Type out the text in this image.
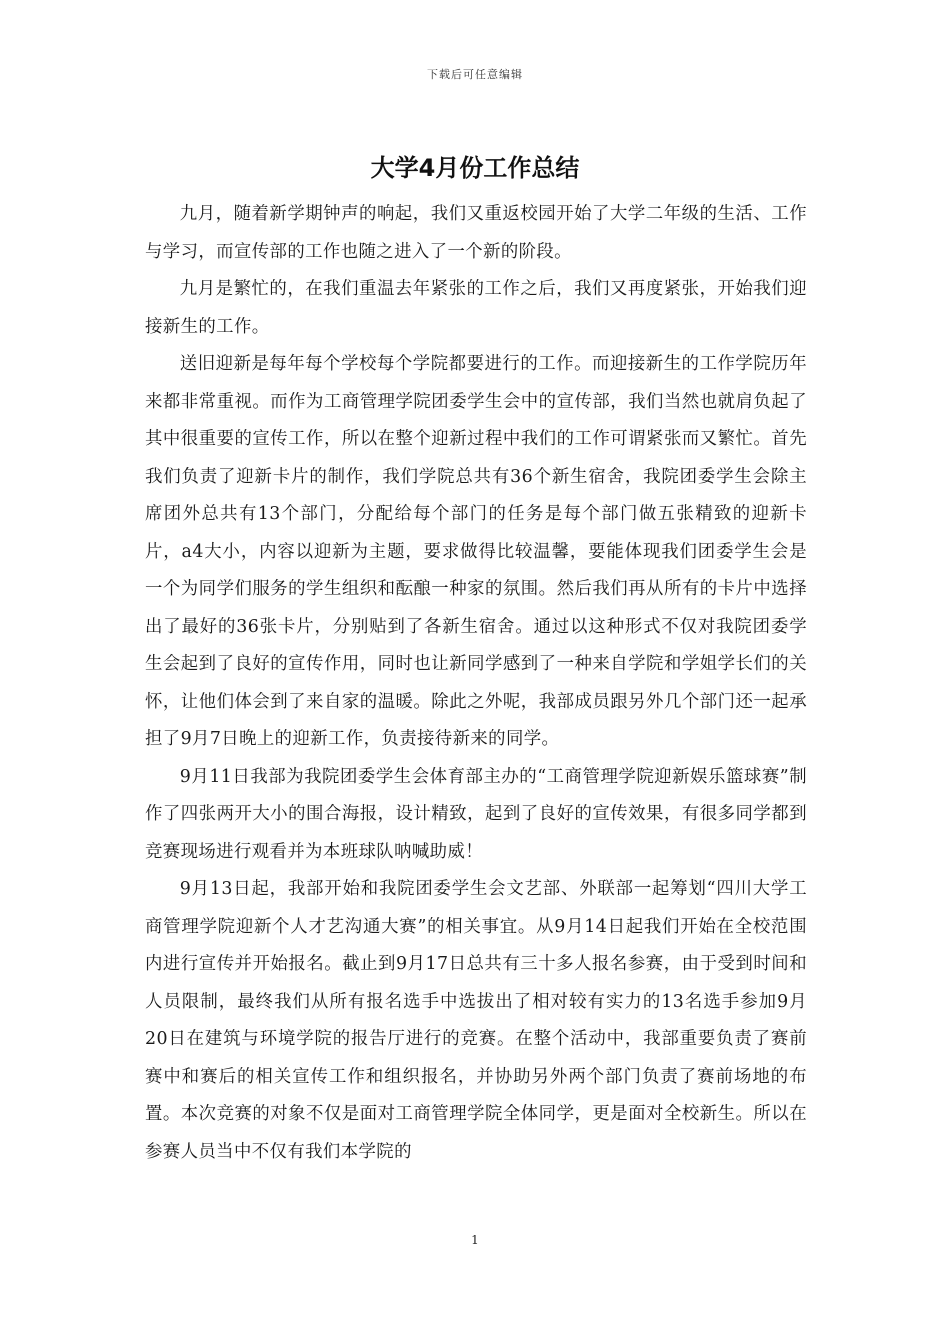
下载后可任意编辑
大学4月份工作总结

九月，随着新学期钟声的响起，我们又重返校园开始了大学二年级的生活、工作与学习，而宣传部的工作也随之进入了一个新的阶段。

九月是繁忙的，在我们重温去年紧张的工作之后，我们又再度紧张，开始我们迎接新生的工作。

送旧迎新是每年每个学校每个学院都要进行的工作。而迎接新生的工作学院历年来都非常重视。而作为工商管理学院团委学生会中的宣传部，我们当然也就肩负起了其中很重要的宣传工作，所以在整个迎新过程中我们的工作可谓紧张而又繁忙。首先我们负责了迎新卡片的制作，我们学院总共有36个新生宿舍，我院团委学生会除主席团外总共有13个部门，分配给每个部门的任务是每个部门做五张精致的迎新卡片，a4大小，内容以迎新为主题，要求做得比较温馨，要能体现我们团委学生会是一个为同学们服务的学生组织和酝酿一种家的氛围。然后我们再从所有的卡片中选择出了最好的36张卡片，分别贴到了各新生宿舍。通过以这种形式不仅对我院团委学生会起到了良好的宣传作用，同时也让新同学感到了一种来自学院和学姐学长们的关怀，让他们体会到了来自家的温暖。除此之外呢，我部成员跟另外几个部门还一起承担了9月7日晚上的迎新工作，负责接待新来的同学。

9月11日我部为我院团委学生会体育部主办的“工商管理学院迎新娱乐篮球赛”制作了四张两开大小的围合海报，设计精致，起到了良好的宣传效果，有很多同学都到竞赛现场进行观看并为本班球队呐喊助威！

9月13日起，我部开始和我院团委学生会文艺部、外联部一起筹划“四川大学工商管理学院迎新个人才艺沟通大赛”的相关事宜。从9月14日起我们开始在全校范围内进行宣传并开始报名。截止到9月17日总共有三十多人报名参赛，由于受到时间和人员限制，最终我们从所有报名选手中选拔出了相对较有实力的13名选手参加9月20日在建筑与环境学院的报告厅进行的竞赛。在整个活动中，我部重要负责了赛前赛中和赛后的相关宣传工作和组织报名，并协助另外两个部门负责了赛前场地的布置。本次竞赛的对象不仅是面对工商管理学院全体同学，更是面对全校新生。所以在参赛人员当中不仅有我们本学院的

1
